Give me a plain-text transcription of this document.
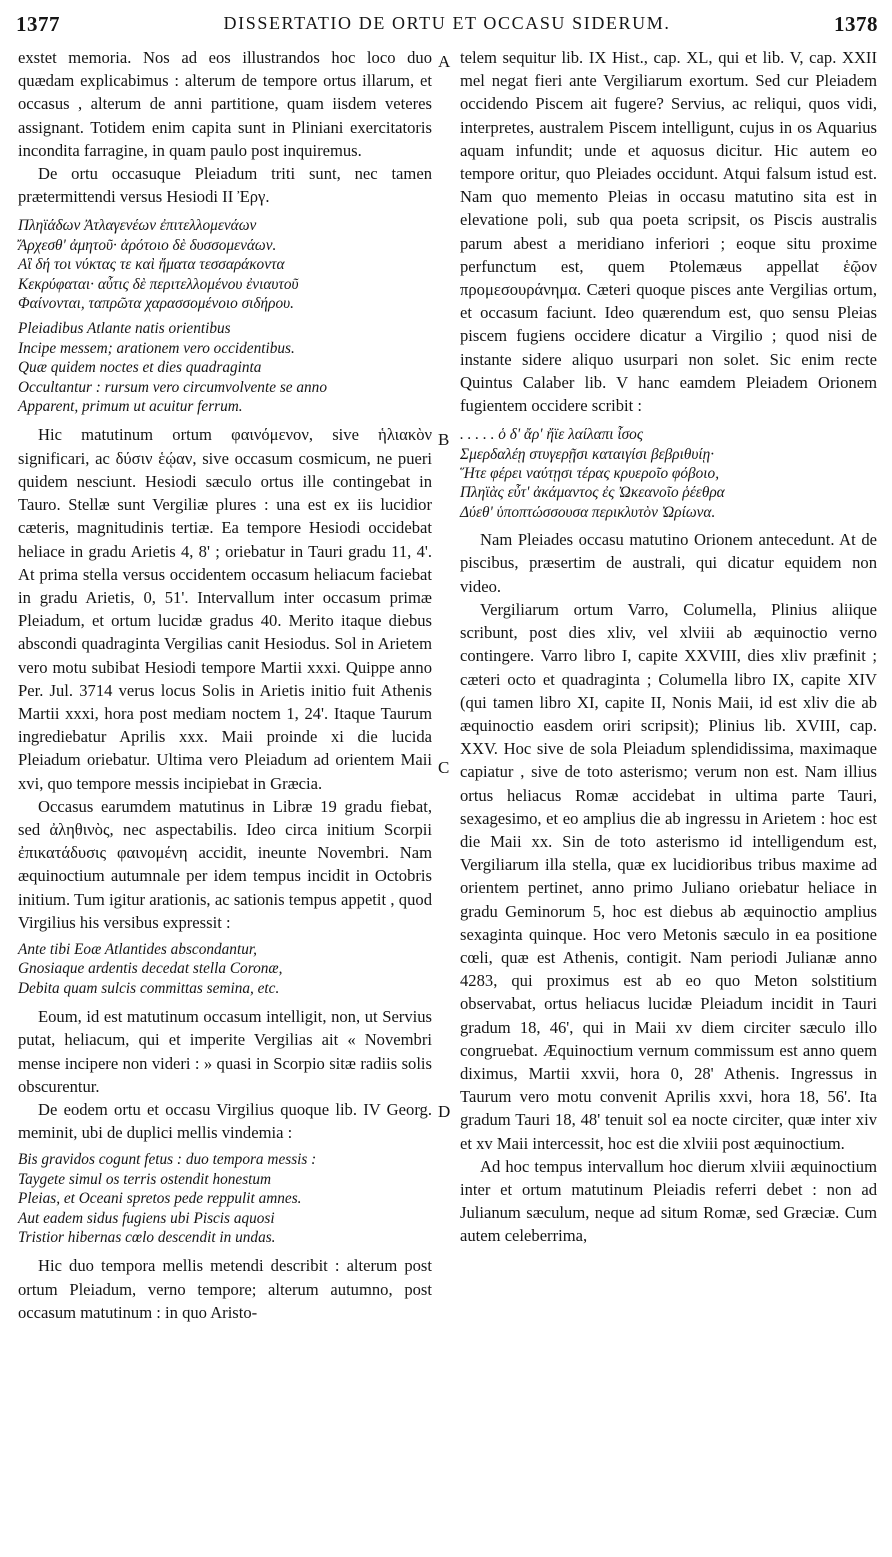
1377	DISSERTATIO DE ORTU ET OCCASU SIDERUM.	1378
A
B
C
D

exstet memoria. Nos ad eos illustrandos hoc loco duo quædam explicabimus : alterum de tempore ortus illarum, et occasus , alterum de anni partitione, quam iisdem veteres assignant. Totidem enim capita sunt in Pliniani exercitatoris incondita farragine, in quam paulo post inquiremus.

De ortu occasuque Pleiadum triti sunt, nec tamen prætermittendi versus Hesiodi II Ἐργ.

Πληϊάδων Ἀτλαγενέων ἐπιτελλομενάων
Ἄρχεσθ' ἀμητοῦ· ἀρότοιο δὲ δυσσομενάων.
Αἳ δή τοι νύκτας τε καὶ ἤματα τεσσαράκοντα
Κεκρύφαται· αὖτις δὲ περιτελλομένου ἐνιαυτοῦ
Φαίνονται, ταπρῶτα χαρασσομένοιο σιδήρου.
Pleiadibus Atlante natis orientibus
Incipe messem; arationem vero occidentibus.
Quæ quidem noctes et dies quadraginta
Occultantur : rursum vero circumvolvente se anno
Apparent, primum ut acuitur ferrum.

Hic matutinum ortum φαινόμενον, sive ἡλιακὸν significari, ac δύσιν ἑῴαν, sive occasum cosmicum, ne pueri quidem nesciunt. Hesiodi sæculo ortus ille contingebat in Tauro. Stellæ sunt Vergiliæ plures : una est ex iis lucidior cæteris, magnitudinis tertiæ. Ea tempore Hesiodi occidebat heliace in gradu Arietis 4, 8' ; oriebatur in Tauri gradu 11, 4'. At prima stella versus occidentem occasum heliacum faciebat in gradu Arietis, 0, 51'. Intervallum inter occasum primæ Pleiadum, et ortum lucidæ gradus 40. Merito itaque diebus abscondi quadraginta Vergilias canit Hesiodus. Sol in Arietem vero motu subibat Hesiodi tempore Martii xxxi. Quippe anno Per. Jul. 3714 verus locus Solis in Arietis initio fuit Athenis Martii xxxi, hora post mediam noctem 1, 24'. Itaque Taurum ingrediebatur Aprilis xxx. Maii proinde xi die lucida Pleiadum oriebatur. Ultima vero Pleiadum ad orientem Maii xvi, quo tempore messis incipiebat in Græcia.

Occasus earumdem matutinus in Libræ 19 gradu fiebat, sed ἀληθινὸς, nec aspectabilis. Ideo circa initium Scorpii ἐπικατάδυσις φαινομένη accidit, ineunte Novembri. Nam æquinoctium autumnale per idem tempus incidit in Octobris initium. Tum igitur arationis, ac sationis tempus appetit , quod Virgilius his versibus expressit :

Ante tibi Eoæ Atlantides abscondantur,
Gnosiaque ardentis decedat stella Coronæ,
Debita quam sulcis committas semina, etc.

Eoum, id est matutinum occasum intelligit, non, ut Servius putat, heliacum, qui et imperite Vergilias ait « Novembri mense incipere non videri : » quasi in Scorpio sitæ radiis solis obscurentur.

De eodem ortu et occasu Virgilius quoque lib. IV Georg. meminit, ubi de duplici mellis vindemia :

Bis gravidos cogunt fetus : duo tempora messis :
Taygete simul os terris ostendit honestum
Pleias, et Oceani spretos pede reppulit amnes.
Aut eadem sidus fugiens ubi Piscis aquosi
Tristior hibernas cœlo descendit in undas.

Hic duo tempora mellis metendi describit : alterum post ortum Pleiadum, verno tempore; alterum autumno, post occasum matutinum : in quo Aristo-

telem sequitur lib. IX Hist., cap. XL, qui et lib. V, cap. XXII mel negat fieri ante Vergiliarum exortum. Sed cur Pleiadem occidendo Piscem ait fugere? Servius, ac reliqui, quos vidi, interpretes, australem Piscem intelligunt, cujus in os Aquarius aquam infundit; unde et aquosus dicitur. Hic autem eo tempore oritur, quo Pleiades occidunt. Atqui falsum istud est. Nam quo memento Pleias in occasu matutino sita est in elevatione poli, sub qua poeta scripsit, os Piscis australis parum abest a meridiano inferiori ; eoque situ proxime perfunctum est, quem Ptolemæus appellat ἑῷον προμεσουράνημα. Cæteri quoque pisces ante Vergilias ortum, et occasum faciunt. Ideo quærendum est, quo sensu Pleias piscem fugiens occidere dicatur a Virgilio ; quod nisi de instante sidere aliquo usurpari non solet. Sic enim recte Quintus Calaber lib. V hanc eamdem Pleiadem Orionem fugientem occidere scribit :

. . . . . ὁ δ' ἄρ' ἤϊε λαίλαπι ἶσος
Σμερδαλέῃ στυγερῇσι καταιγίσι βεβριθυίῃ·
Ἥτε φέρει ναύτῃσι τέρας κρυεροῖο φόβοιο,
Πληϊὰς εὖτ' ἀκάμαντος ἐς Ὠκεανοῖο ῥέεθρα
Δύεθ' ὑποπτώσσουσα περικλυτὸν Ὠρίωνα.

Nam Pleiades occasu matutino Orionem antecedunt. At de piscibus, præsertim de australi, qui dicatur equidem non video.

Vergiliarum ortum Varro, Columella, Plinius aliique scribunt, post dies xliv, vel xlviii ab æquinoctio verno contingere. Varro libro I, capite XXVIII, dies xliv præfinit ; cæteri octo et quadraginta ; Columella libro IX, capite XIV (qui tamen libro XI, capite II, Nonis Maii, id est xliv die ab æquinoctio easdem oriri scripsit); Plinius lib. XVIII, cap. XXV. Hoc sive de sola Pleiadum splendidissima, maximaque capiatur , sive de toto asterismo; verum non est. Nam illius ortus heliacus Romæ accidebat in ultima parte Tauri, sexagesimo, et eo amplius die ab ingressu in Arietem : hoc est die Maii xx. Sin de toto asterismo id intelligendum est, Vergiliarum illa stella, quæ ex lucidioribus tribus maxime ad orientem pertinet, anno primo Juliano oriebatur heliace in gradu Geminorum 5, hoc est diebus ab æquinoctio amplius sexaginta quinque. Hoc vero Metonis sæculo in ea positione cœli, quæ est Athenis, contigit. Nam periodi Julianæ anno 4283, qui proximus est ab eo quo Meton solstitium observabat, ortus heliacus lucidæ Pleiadum incidit in Tauri gradum 18, 46', qui in Maii xv diem circiter sæculo illo congruebat. Æquinoctium vernum commissum est anno quem diximus, Martii xxvii, hora 0, 28' Athenis. Ingressus in Taurum vero motu convenit Aprilis xxvi, hora 18, 56'. Ita gradum Tauri 18, 48' tenuit sol ea nocte circiter, quæ inter xiv et xv Maii intercessit, hoc est die xlviii post æquinoctium.

Ad hoc tempus intervallum hoc dierum xlviii æquinoctium inter et ortum matutinum Pleiadis referri debet : non ad Julianum sæculum, neque ad situm Romæ, sed Græciæ. Cum autem celeberrima,
